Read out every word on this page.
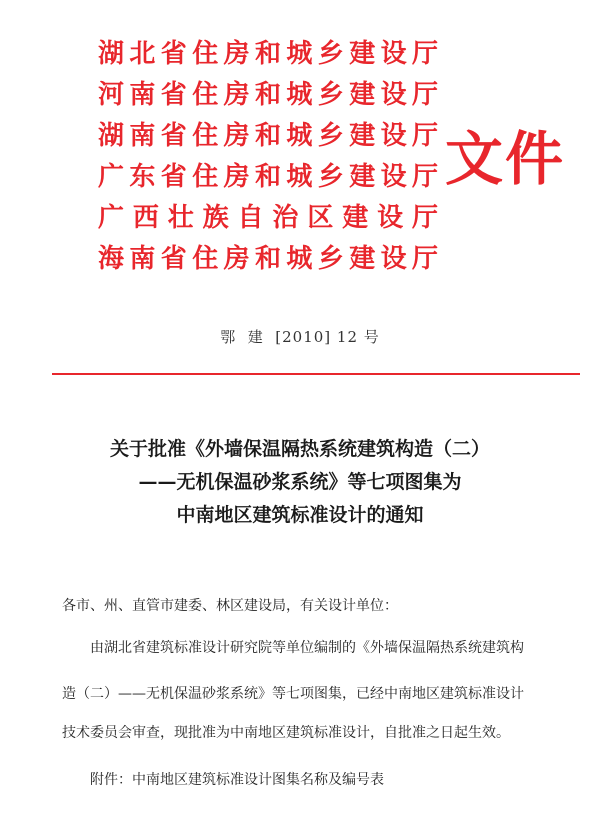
湖北省住房和城乡建设厅
河南省住房和城乡建设厅
湖南省住房和城乡建设厅
广东省住房和城乡建设厅
广西壮族自治区建设厅
海南省住房和城乡建设厅
文件
鄂  建  [2010] 12 号
关于批准《外墙保温隔热系统建筑构造（二）
——无机保温砂浆系统》等七项图集为
中南地区建筑标准设计的通知
各市、州、直管市建委、林区建设局，有关设计单位：
由湖北省建筑标准设计研究院等单位编制的《外墙保温隔热系统建筑构
造（二）——无机保温砂浆系统》等七项图集，已经中南地区建筑标准设计
技术委员会审查，现批准为中南地区建筑标准设计，自批准之日起生效。
附件：中南地区建筑标准设计图集名称及编号表
